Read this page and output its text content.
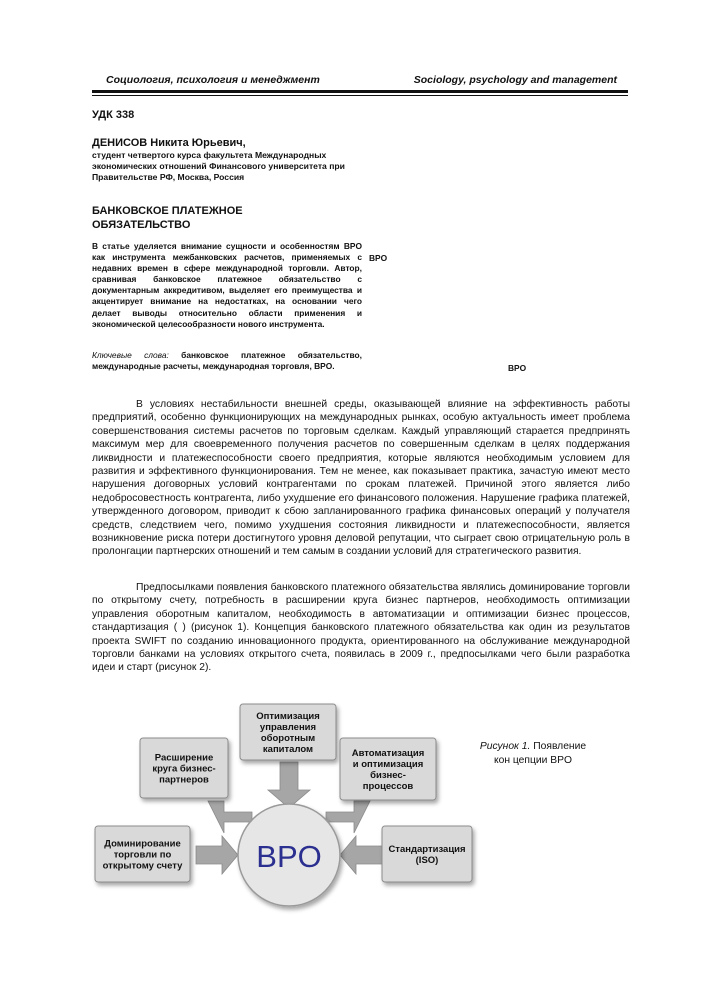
Социология, психология и менеджмент	Sociology, psychology and management
УДК 338
ДЕНИСОВ Никита Юрьевич,
студент четвертого курса факультета Международных экономических отношений Финансового университета при Правительстве РФ, Москва, Россия
БАНКОВСКОЕ ПЛАТЕЖНОЕ ОБЯЗАТЕЛЬСТВО
В статье уделяется внимание сущности и особенностям BPO как инструмента межбанковских расчетов, применяемых с недавних времен в сфере международной торговли. Автор, сравнивая банковское платежное обязательство с документарным аккредитивом, выделяет его преимущества и акцентирует внимание на недостатках, на основании чего делает выводы относительно области применения и экономической целесообразности нового инструмента.
Ключевые слова: банковское платежное обязательство, международные расчеты, международная торговля, BPO.
BPO
BPO

В условиях нестабильности внешней среды, оказывающей влияние на эффективность работы предприятий, особенно функционирующих на международных рынках, особую актуальность имеет проблема совершенствования системы расчетов по торговым сделкам. Каждый управляющий старается предпринять максимум мер для своевременного получения расчетов по совершенным сделкам в целях поддержания ликвидности и платежеспособности своего предприятия, которые являются необходимым условием для развития и эффективного функционирования. Тем не менее, как показывает практика, зачастую имеют место нарушения договорных условий контрагентами по срокам платежей. Причиной этого является либо недобросовестность контрагента, либо ухудшение его финансового положения. Нарушение графика платежей, утвержденного договором, приводит к сбою запланированного графика финансовых операций у получателя средств, следствием чего, помимо ухудшения состояния ликвидности и платежеспособности, является возникновение риска потери достигнутого уровня деловой репутации, что сыграет свою отрицательную роль в пролонгации партнерских отношений и тем самым в создании условий для стратегического развития.

Предпосылками появления банковского платежного обязательства являлись доминирование торговли по открытому счету, потребность в расширении круга бизнес партнеров, необходимость оптимизации управления оборотным капиталом, необходимость в автоматизации и оптимизации бизнес процессов, стандартизация ( ) (рисунок 1). Концепция банковского платежного обязательства как один из результатов проекта SWIFT по созданию инновационного продукта, ориентированного на обслуживание международной торговли банками на условиях открытого счета, появилась в 2009 г., предпосылками чего были разработка идеи и старт (рисунок 2).

Оптимизация
управления
оборотным
капиталом
Расширение
круга бизнес-
партнеров
Автоматизация
и оптимизация
бизнес-
процессов
Доминирование
торговли по
открытому счету
Стандартизация
(ISO)
BPO
Рисунок 1. Появление кон цепции BPO
